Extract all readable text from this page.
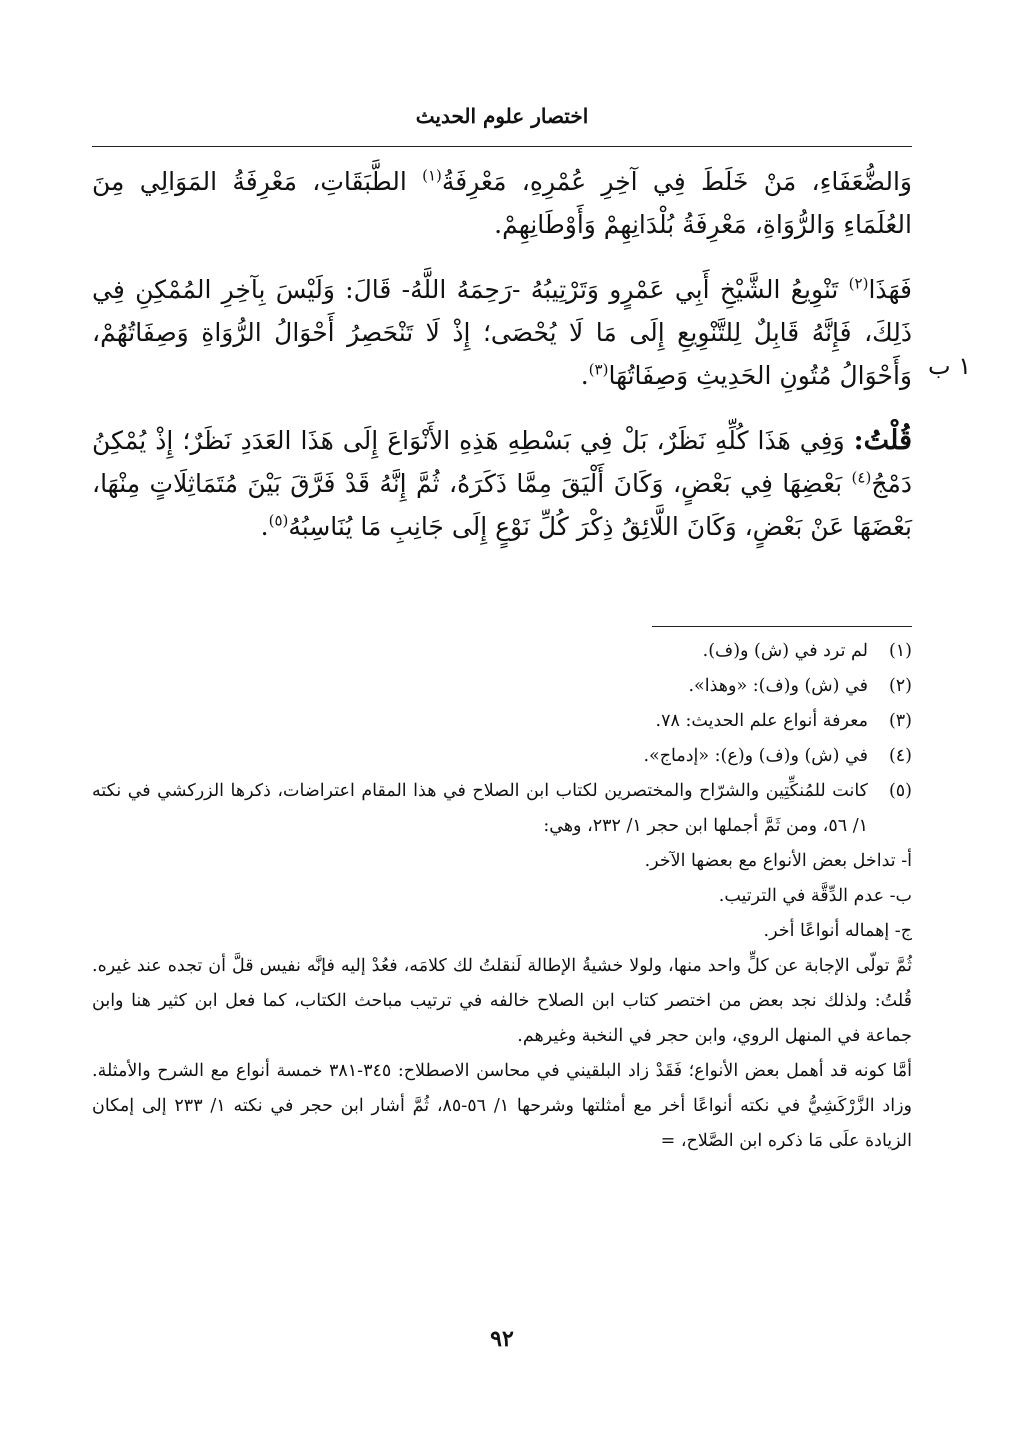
اختصار علوم الحديث
١ ب

وَالضُّعَفَاءِ، مَنْ خَلَطَ فِي آخِرِ عُمْرِهِ، مَعْرِفَةُ$^{(١)}$ الطَّبَقَاتِ، مَعْرِفَةُ المَوَالِي مِنَ العُلَمَاءِ وَالرُّوَاةِ، مَعْرِفَةُ بُلْدَانِهِمْ وَأَوْطَانِهِمْ.

فَهَذَا$^{(٢)}$ تَنْوِيعُ الشَّيْخِ أَبِي عَمْرٍو وَتَرْتِيبُهُ -رَحِمَهُ اللَّهُ- قَالَ: وَلَيْسَ بِآخِرِ المُمْكِنِ فِي ذَلِكَ، فَإِنَّهُ قَابِلٌ لِلتَّنْوِيعِ إِلَى مَا لَا يُحْصَى؛ إِذْ لَا تَنْحَصِرُ أَحْوَالُ الرُّوَاةِ وَصِفَاتُهُمْ، وَأَحْوَالُ مُتُونِ الحَدِيثِ وَصِفَاتُهَا$^{(٣)}$.

قُلْتُ: وَفِي هَذَا كُلِّهِ نَظَرٌ، بَلْ فِي بَسْطِهِ هَذِهِ الأَنْوَاعَ إِلَى هَذَا العَدَدِ نَظَرٌ؛ إِذْ يُمْكِنُ دَمْجُ$^{(٤)}$ بَعْضِهَا فِي بَعْضٍ، وَكَانَ أَلْيَقَ مِمَّا ذَكَرَهُ، ثُمَّ إِنَّهُ قَدْ فَرَّقَ بَيْنَ مُتَمَاثِلَاتٍ مِنْهَا، بَعْضَهَا عَنْ بَعْضٍ، وَكَانَ اللَّائِقُ ذِكْرَ كُلِّ نَوْعٍ إِلَى جَانِبِ مَا يُنَاسِبُهُ$^{(٥)}$.

(١)
لم ترد في (ش) و(ف).
(٢)
في (ش) و(ف): «وهذا».
(٣)
معرفة أنواع علم الحديث: ٧٨.
(٤)
في (ش) و(ف) و(ع): «إدماج».
(٥)
كانت للمُنكِّتِين والشرّاح والمختصرين لكتاب ابن الصلاح في هذا المقام اعتراضات، ذكرها الزركشي في نكته ١/ ٥٦، ومن ثَمَّ أجملها ابن حجر ١/ ٢٣٢، وهي:
أ- تداخل بعض الأنواع مع بعضها الآخر.
ب- عدم الدِّقَّة في الترتيب.
ج- إهماله أنواعًا أخر.
ثُمَّ تولّى الإجابة عن كلٍّ واحد منها، ولولا خشيةُ الإطالة لَنقلتُ لك كلامَه، فعُدْ إليه فإنَّه نفيس قلَّ أن تجده عند غيره. قُلتُ: ولذلك نجد بعض من اختصر كتاب ابن الصلاح خالفه في ترتيب مباحث الكتاب، كما فعل ابن كثير هنا وابن جماعة في المنهل الروي، وابن حجر في النخبة وغيرهم.
أمَّا كونه قد أهمل بعض الأنواع؛ فَقَدْ زاد البلقيني في محاسن الاصطلاح: ٣٤٥-٣٨١ خمسة أنواع مع الشرح والأمثلة. وزاد الزَّرْكَشِيُّ في نكته أنواعًا أخر مع أمثلتها وشرحها ١/ ٥٦-٨٥، ثُمَّ أشار ابن حجر في نكته ١/ ٢٣٣ إلى إمكان الزيادة علَى مَا ذكره ابن الصَّلاح، =
٩٢
